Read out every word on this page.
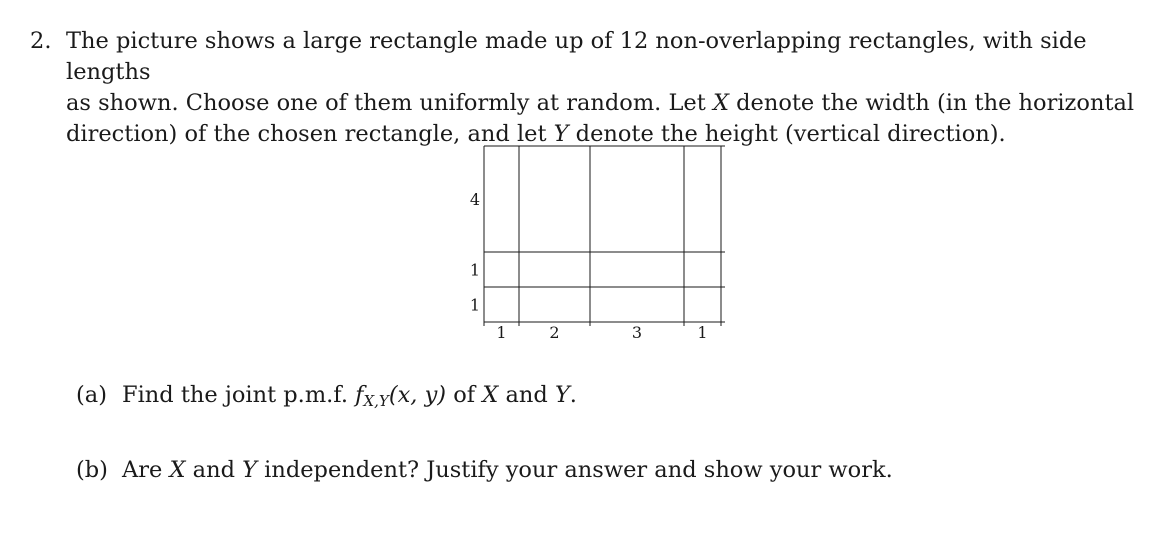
2. The picture shows a large rectangle made up of 12 non-overlapping rectangles, with side lengths
as shown. Choose one of them uniformly at random. Let X denote the width (in the horizontal
direction) of the chosen rectangle, and let Y denote the height (vertical direction).
4
1
1
1	2	3	1
(a) Find the joint p.m.f. $f_{X,Y}(x$, y) of X and Y.
(b) Are X and Y independent? Justify your answer and show your work.
